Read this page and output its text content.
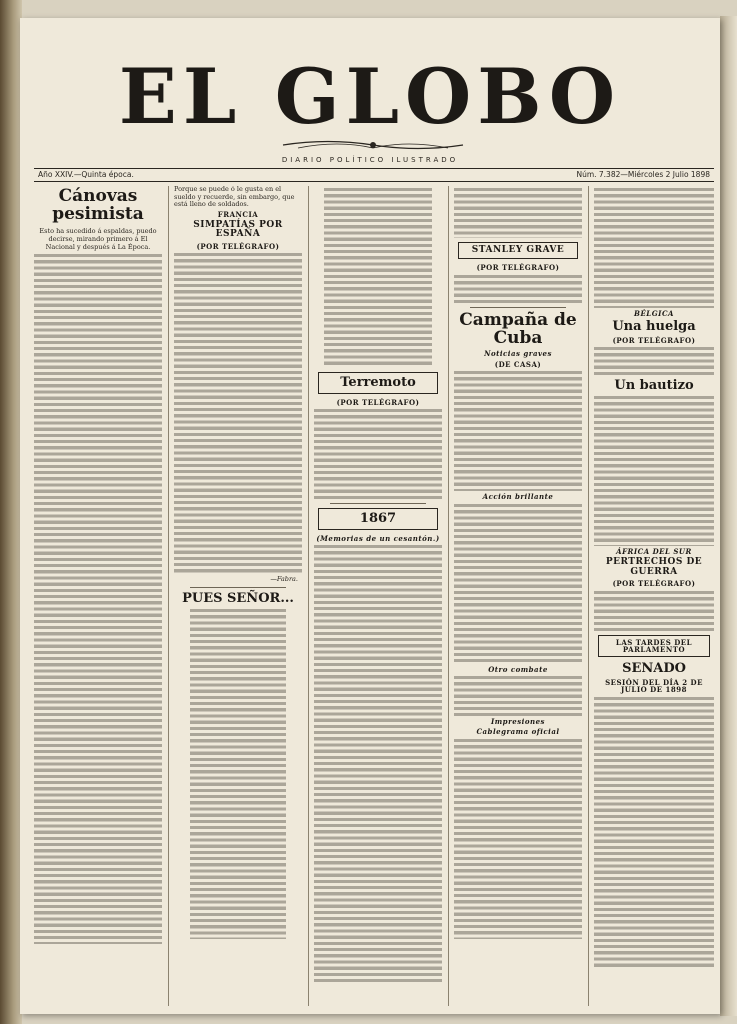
EL GLOBO
DIARIO POLÍTICO ILUSTRADO
Año XXIV.—Quinta época.	Núm. 7.382—Miércoles 2 Julio 1898
Cánovas pesimista
Esto ha sucedido á espaldas, puedo decirse, mirando primero á El Nacional y después á La Época.
Porque se puede ó le gusta en el sueldo y recuerde, sin embargo, que está lleno de soldados.
FRANCIA
SIMPATÍAS POR ESPAÑA
(POR TELÉGRAFO)
—Fabra.
PUES SEÑOR...
Terremoto
(POR TELÉGRAFO)
1867
(Memorias de un cesantón.)
STANLEY GRAVE
(POR TELÉGRAFO)
Campaña de Cuba
Noticias graves
(DE CASA)
Acción brillante
Otro combate
Impresiones
Cablegrama oficial
BÉLGICA
Una huelga
(POR TELÉGRAFO)
Un bautizo
ÁFRICA DEL SUR
PERTRECHOS DE GUERRA
(POR TELÉGRAFO)
LAS TARDES DEL PARLAMENTO
SENADO
SESIÓN DEL DÍA 2 DE JULIO DE 1898
